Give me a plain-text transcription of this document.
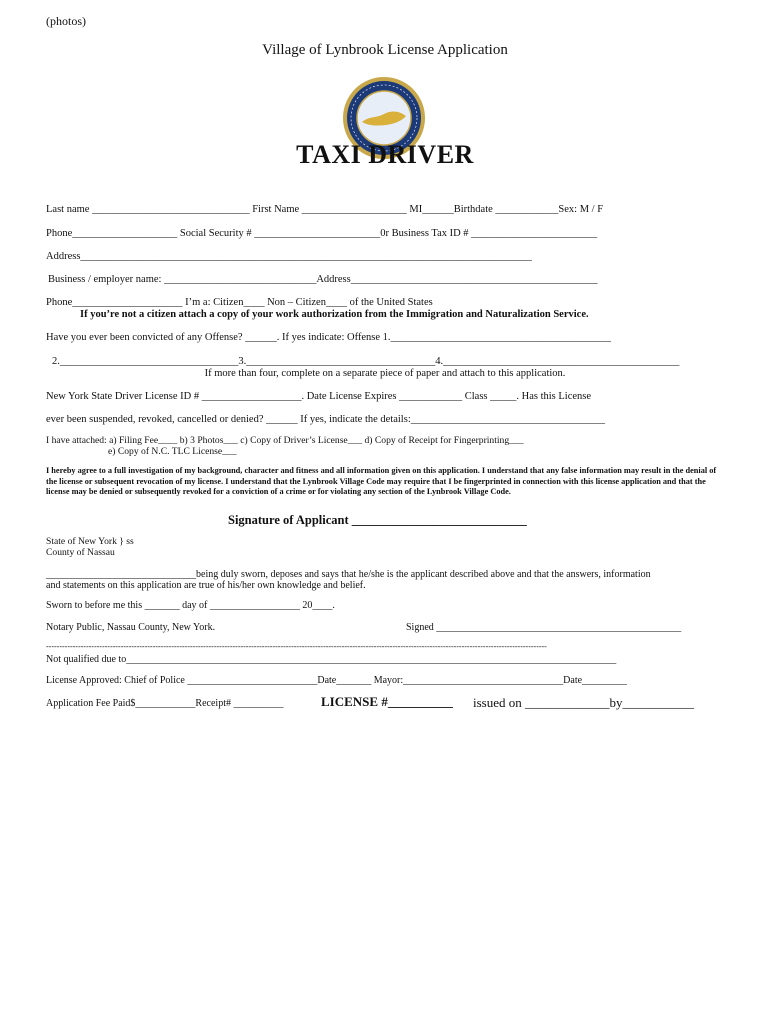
(photos)
Village of Lynbrook License Application
TAXI DRIVER
Last name ______________________________ First Name ____________________ MI______Birthdate ____________Sex: M / F
Phone____________________ Social Security # ________________________0r Business Tax ID # ________________________
Address______________________________________________________________________________________
Business / employer name: _____________________________Address_______________________________________________
Phone_____________________ I’m a: Citizen____ Non – Citizen____ of the United States
If you’re not a citizen attach a copy of your work authorization from the Immigration and Naturalization Service.
Have you ever been convicted of any Offense? ______. If yes indicate: Offense 1.__________________________________________
2.__________________________________3.____________________________________4._____________________________________________
If more than four, complete on a separate piece of paper and attach to this application.
New York State Driver License ID # ___________________. Date License Expires ____________ Class _____. Has this License
ever been suspended, revoked, cancelled or denied? ______ If yes, indicate the details:_____________________________________
I have attached: a) Filing Fee____ b) 3 Photos___ c) Copy of Driver’s License___ d) Copy of Receipt for Fingerprinting___
e) Copy of N.C. TLC License___
I hereby agree to a full investigation of my background, character and fitness and all information given on this application. I understand that any false information may result in the denial of the license or subsequent revocation of my license. I understand that the Lynbrook Village Code may require that I be fingerprinted in connection with this license application and that the license may be denied or subsequently revoked for a conviction of a crime or for violating any section of the Lynbrook Village Code.
Signature of Applicant ____________________________
State of New York } ss
County of Nassau
______________________________being duly sworn, deposes and says that he/she is the applicant described above and that the answers, information
and statements on this application are true of his/her own knowledge and belief.
Sworn to before me this _______ day of __________________ 20____.
Notary Public, Nassau County, New York.	Signed _________________________________________________
--------------------------------------------------------------------------------------------------------------------------------------------------------------------------------------------
Not qualified due to__________________________________________________________________________________________________
License Approved: Chief of Police __________________________Date_______ Mayor:________________________________Date_________
Application Fee Paid$____________Receipt# __________	LICENSE #__________ issued on _____________by___________
